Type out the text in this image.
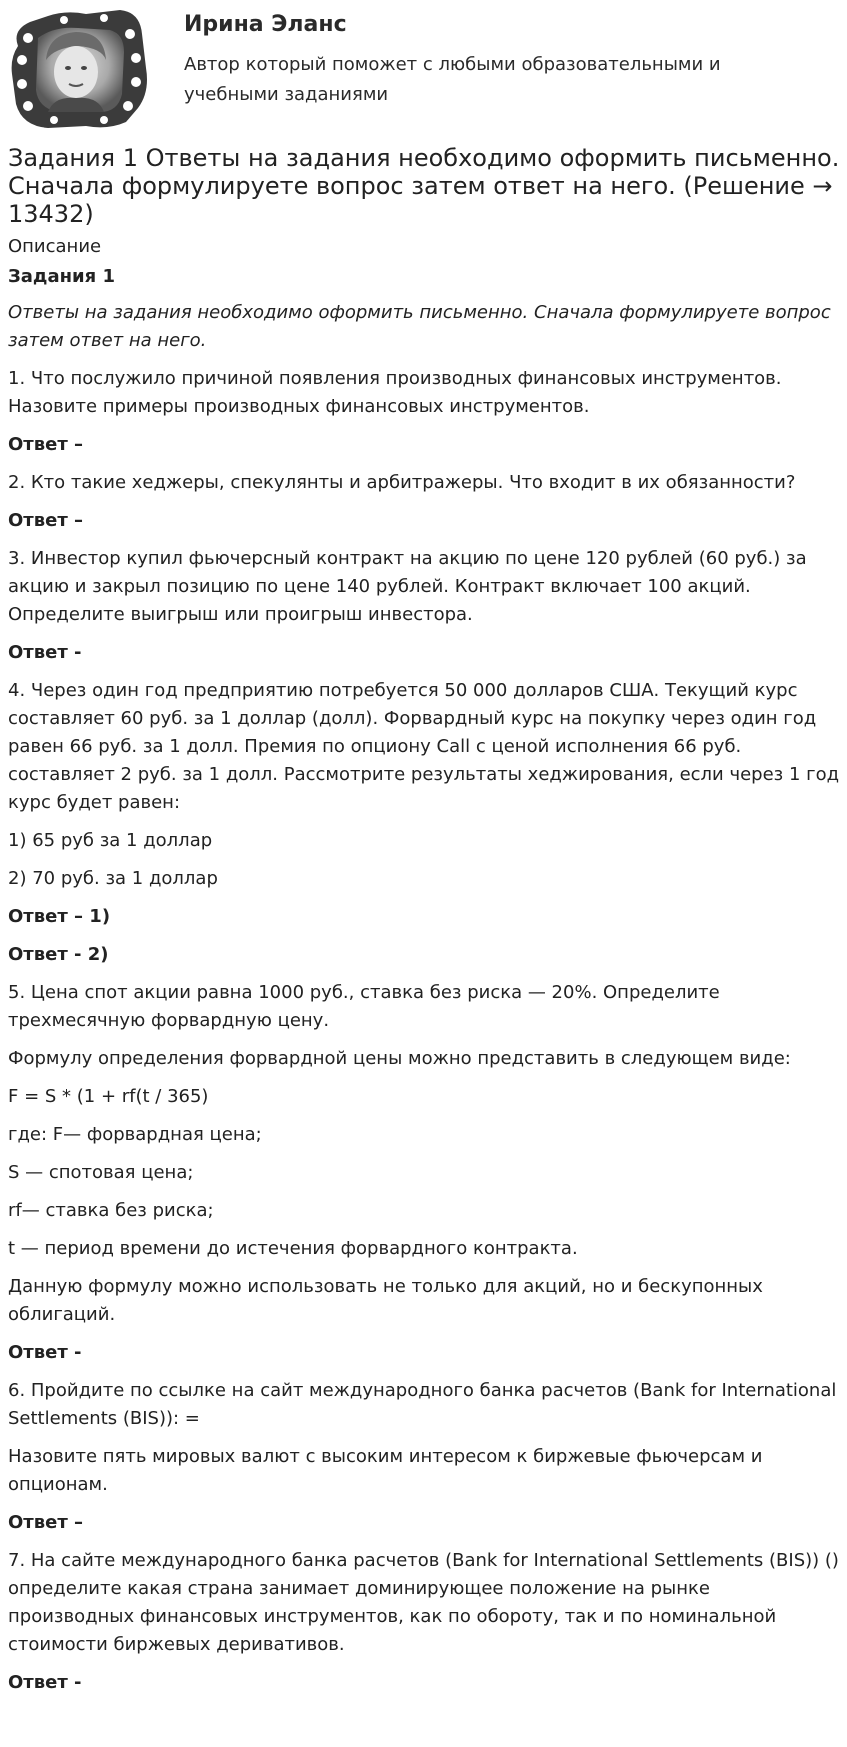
Ирина Эланс
Автор который поможет с любыми образовательными и учебными заданиями
Задания 1 Ответы на задания необходимо оформить письменно. Сначала формулируете вопрос затем ответ на него. (Решение → 13432)
Описание
Задания 1
Ответы на задания необходимо оформить письменно. Сначала формулируете вопрос затем ответ на него.
1. Что послужило причиной появления производных финансовых инструментов. Назовите примеры производных финансовых инструментов.
Ответ –
2. Кто такие хеджеры, спекулянты и арбитражеры. Что входит в их обязанности?
Ответ –
3. Инвестор купил фьючерсный контракт на акцию по цене 120 рублей (60 руб.) за акцию и закрыл позицию по цене 140 рублей. Контракт включает 100 акций. Определите выигрыш или проигрыш инвестора.
Ответ -
4. Через один год предприятию потребуется 50 000 долларов США. Текущий курс составляет 60 руб. за 1 доллар (долл). Форвардный курс на покупку через один год равен 66 руб. за 1 долл. Премия по опциону Call с ценой исполнения 66 руб. составляет 2 руб. за 1 долл. Рассмотрите результаты хеджирования, если через 1 год курс будет равен:
1) 65 руб за 1 доллар
2) 70 руб. за 1 доллар
Ответ – 1)
Ответ - 2)
5. Цена спот акции равна 1000 руб., ставка без риска — 20%. Определите трехмесячную форвардную цену.
Формулу определения форвардной цены можно представить в следующем виде:
F = S * (1 + rf(t / 365)
где: F— форвардная цена;
S — спотовая цена;
rf— ставка без риска;
t — период времени до истечения форвардного контракта.
Данную формулу можно использовать не только для акций, но и бескупонных облигаций.
Ответ -
6. Пройдите по ссылке на сайт международного банка расчетов (Bank for International Settlements (BIS)): =
Назовите пять мировых валют с высоким интересом к биржевые фьючерсам и опционам.
Ответ –
7. На сайте международного банка расчетов (Bank for International Settlements (BIS)) () определите какая страна занимает доминирующее положение на рынке производных финансовых инструментов, как по обороту, так и по номинальной стоимости биржевых деривативов.
Ответ -
